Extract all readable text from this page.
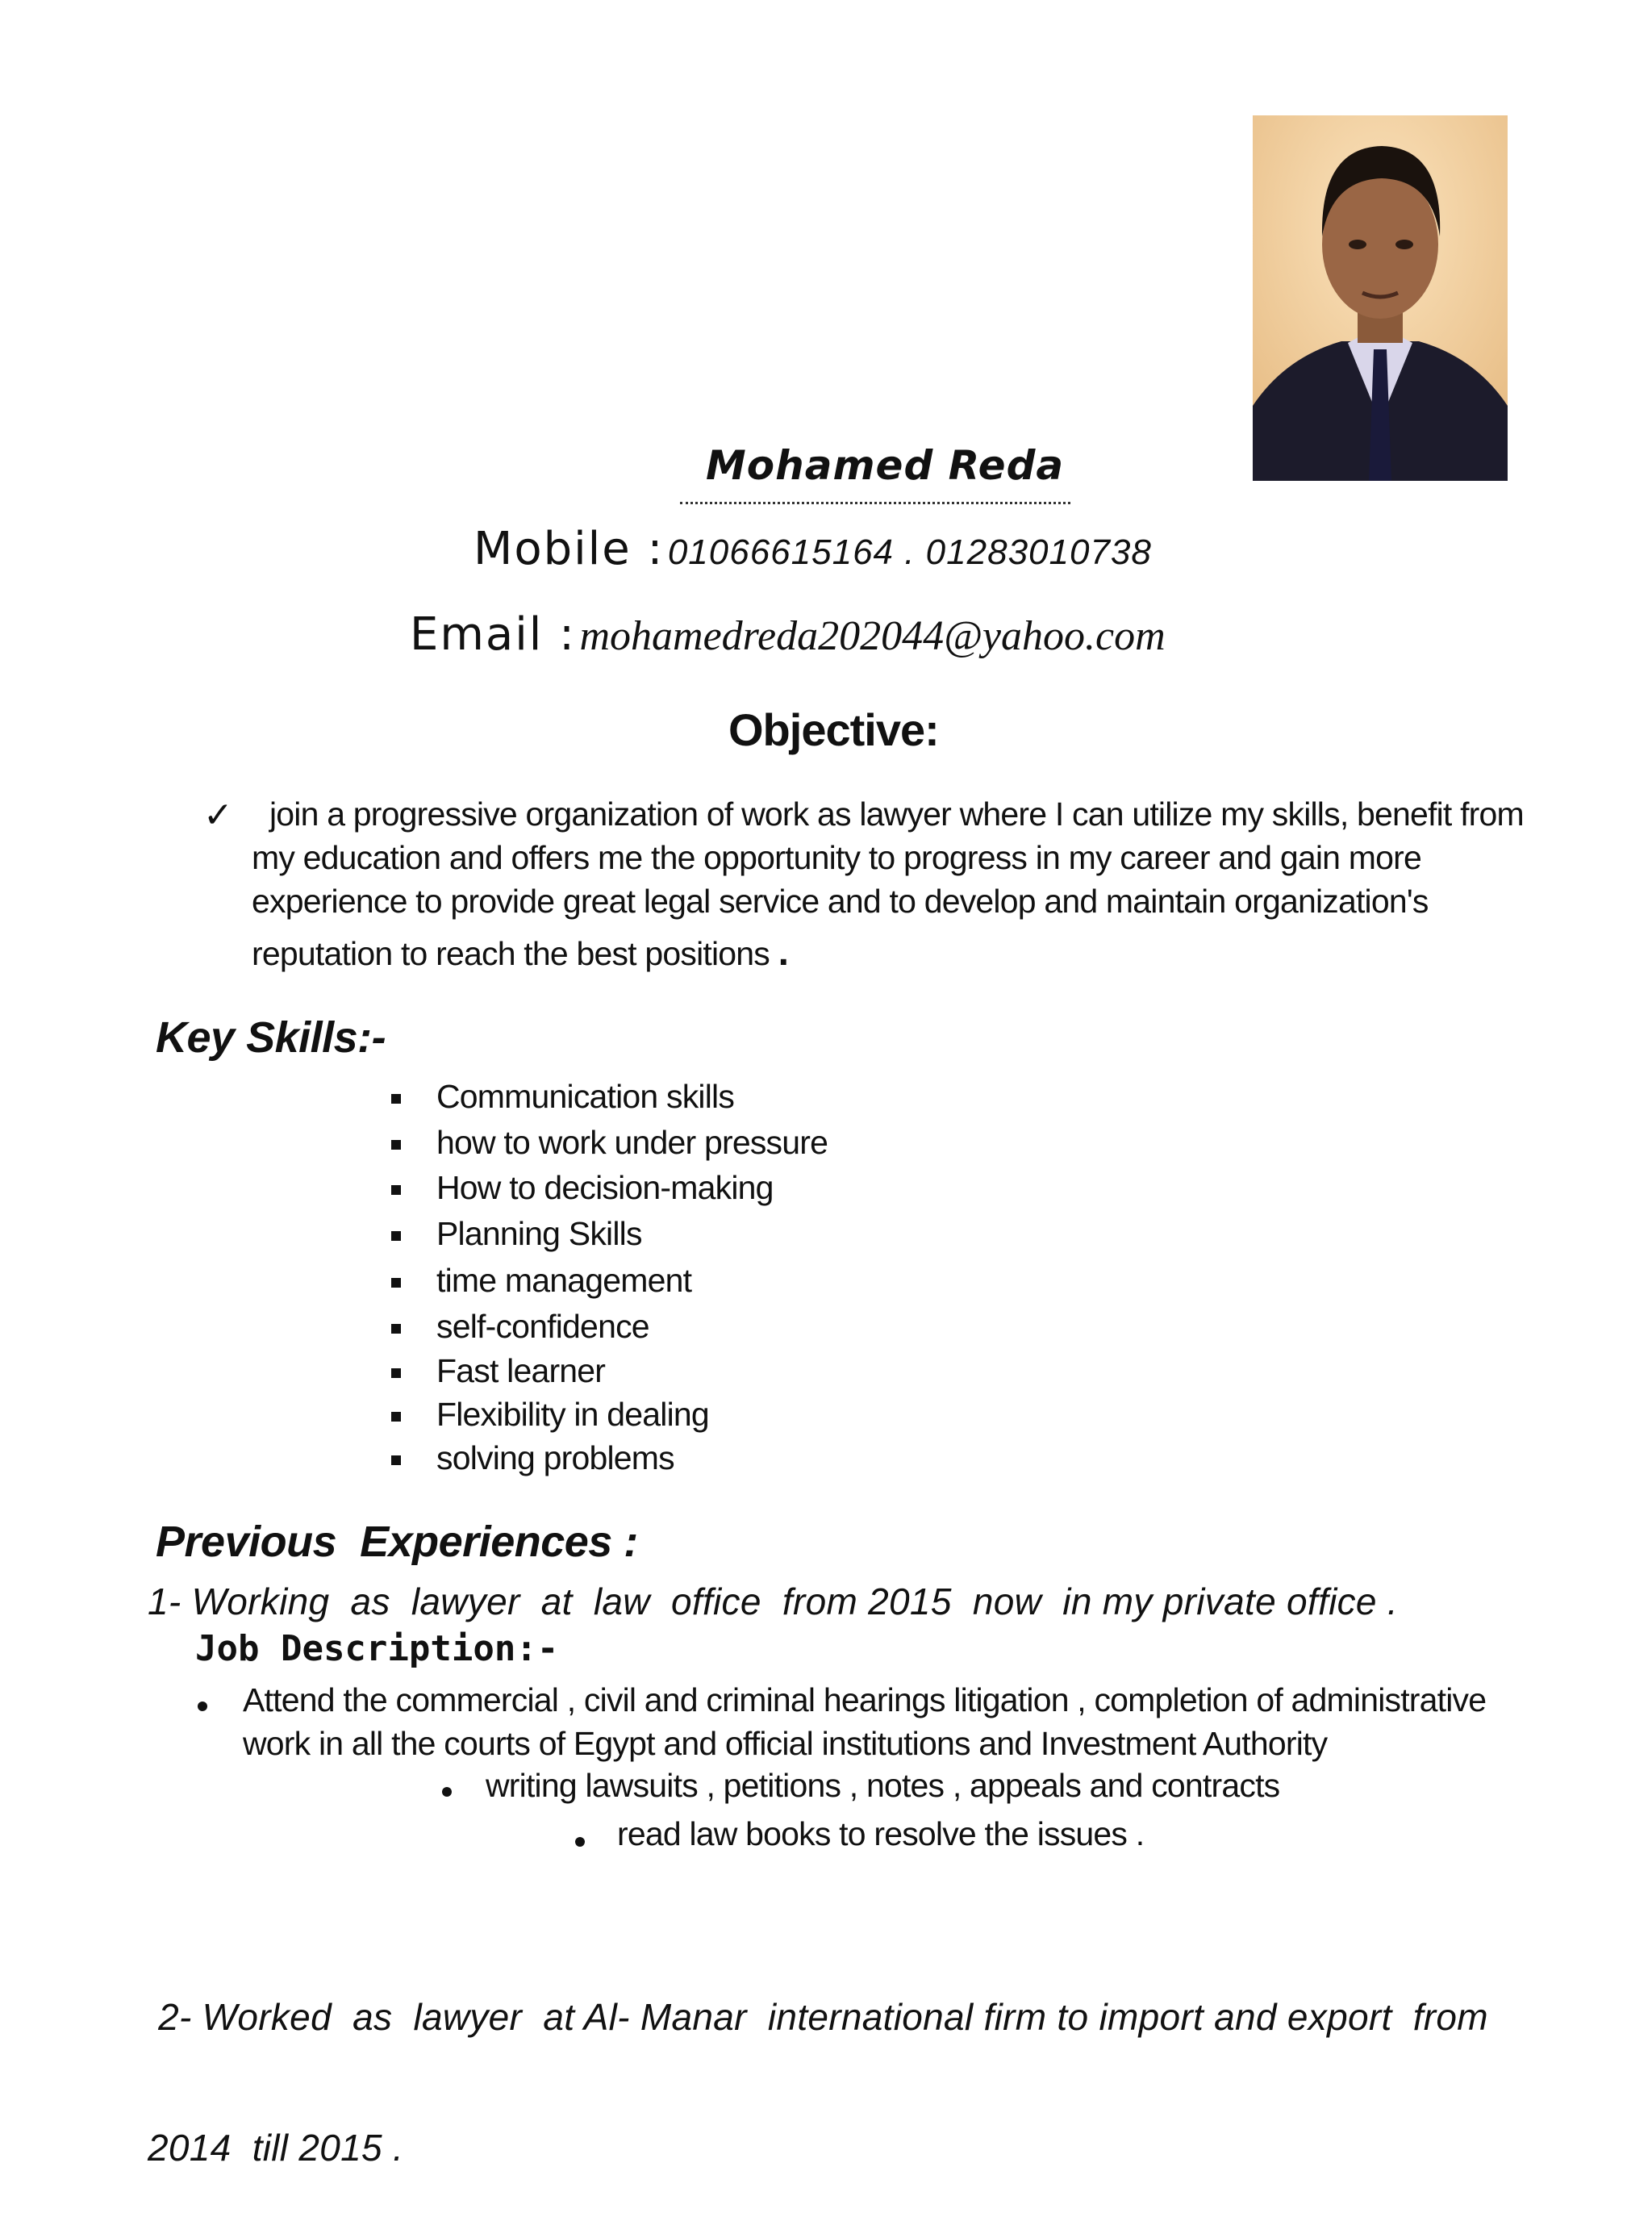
Mohamed Reda
Mobile : 01066615164 . 01283010738
Email : mohamedreda202044@yahoo.com
Objective:
✓ join a progressive organization of work as lawyer where I can utilize my skills, benefit from
my education and offers me the opportunity to progress in my career and gain more
experience to provide great legal service and to develop and maintain organization's
reputation to reach the best positions .
Key Skills:-
Communication skills
how to work under pressure
How to decision-making
Planning Skills
time management
self-confidence
Fast learner
Flexibility in dealing
solving problems
Previous  Experiences :
1- Working  as  lawyer  at  law  office  from 2015  now  in my private office .
Job Description:-
Attend the commercial , civil and criminal hearings litigation , completion of administrative
work in all the courts of Egypt and official institutions and Investment Authority
writing lawsuits , petitions , notes , appeals and contracts
read law books to resolve the issues .

2- Worked  as  lawyer  at Al- Manar  international firm to import and export  from

2014  till 2015 .
